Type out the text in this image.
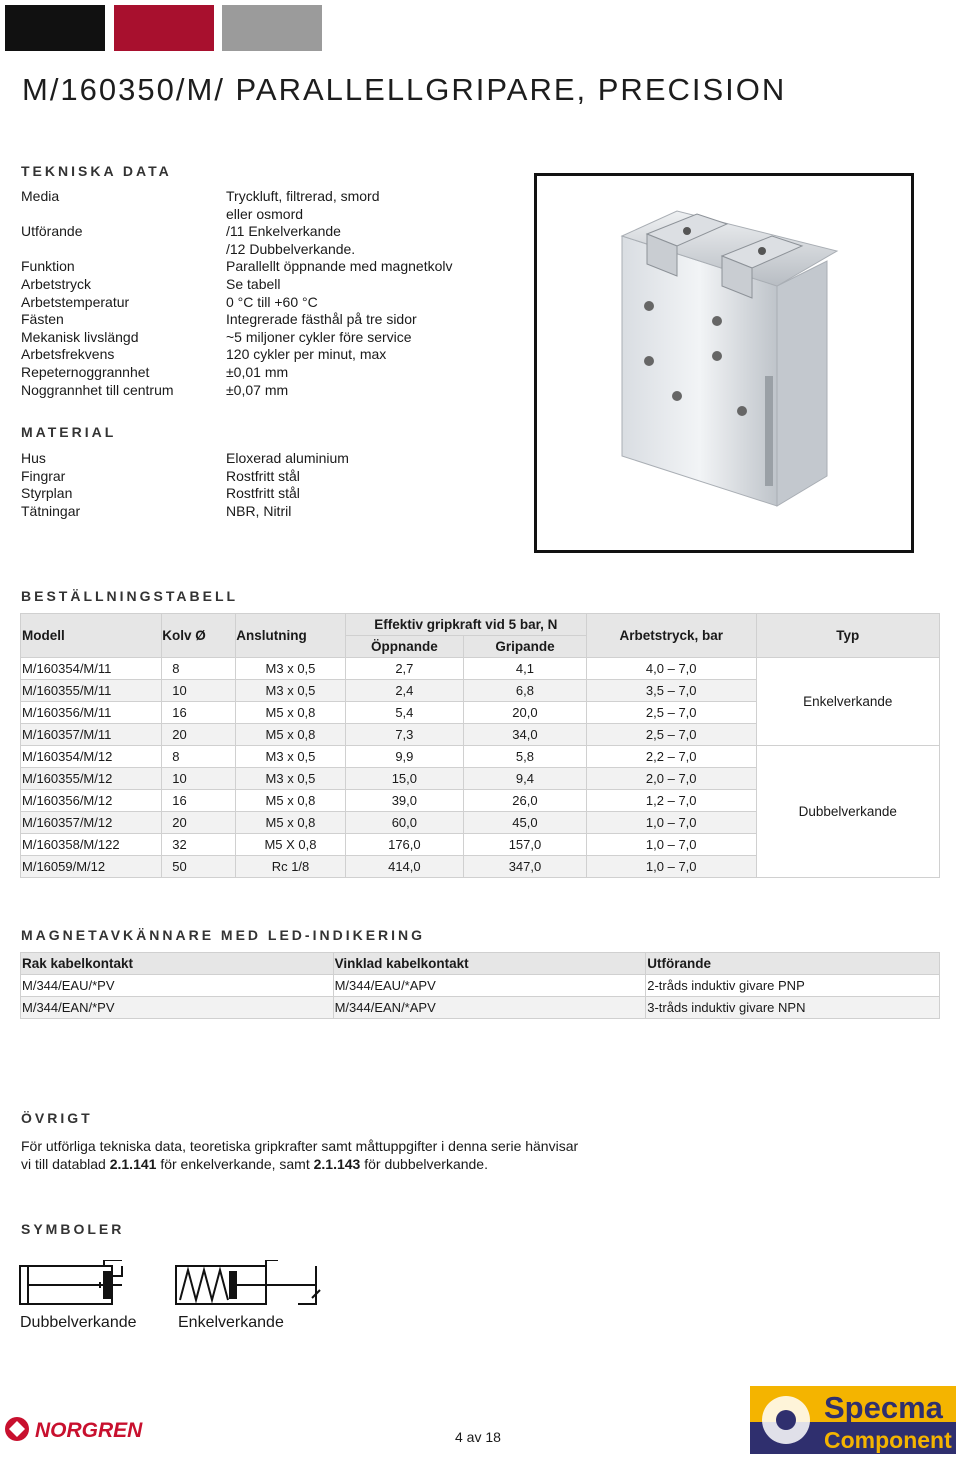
M/160350/M/ PARALLELLGRIPARE, PRECISION
TEKNISKA DATA
Media	Tryckluft, filtrerad, smord
eller osmord
Utförande	/11 Enkelverkande
/12 Dubbelverkande.
Funktion	Parallellt öppnande med magnetkolv
Arbetstryck	Se tabell
Arbetstemperatur	0 °C till +60 °C
Fästen	Integrerade fästhål på tre sidor
Mekanisk livslängd	~5 miljoner cykler före service
Arbetsfrekvens	120 cykler per minut, max
Repeternoggrannhet	±0,01 mm
Noggrannhet till centrum	±0,07 mm
MATERIAL
Hus	Eloxerad aluminium
Fingrar	Rostfritt stål
Styrplan	Rostfritt stål
Tätningar	NBR, Nitril
BESTÄLLNINGSTABELL
Modell	Kolv Ø	Anslutning	Effektiv gripkraft vid 5 bar, N		Arbetstryck, bar	Typ
			Öppnande	Gripande		
M/160354/M/11	8	M3 x 0,5	2,7	4,1	4,0 – 7,0	Enkelverkande
M/160355/M/11	10	M3 x 0,5	2,4	6,8	3,5 – 7,0	
M/160356/M/11	16	M5 x 0,8	5,4	20,0	2,5 – 7,0	
M/160357/M/11	20	M5 x 0,8	7,3	34,0	2,5 – 7,0	
M/160354/M/12	8	M3 x 0,5	9,9	5,8	2,2 – 7,0	Dubbelverkande
M/160355/M/12	10	M3 x 0,5	15,0	9,4	2,0 – 7,0	
M/160356/M/12	16	M5 x 0,8	39,0	26,0	1,2 – 7,0	
M/160357/M/12	20	M5 x 0,8	60,0	45,0	1,0 – 7,0	
M/160358/M/122	32	M5 X 0,8	176,0	157,0	1,0 – 7,0	
M/16059/M/12	50	Rc 1/8	414,0	347,0	1,0 – 7,0	
MAGNETAVKÄNNARE MED LED-INDIKERING
Rak kabelkontakt	Vinklad kabelkontakt	Utförande
M/344/EAU/*PV	M/344/EAU/*APV	2-tråds induktiv givare PNP
M/344/EAN/*PV	M/344/EAN/*APV	3-tråds induktiv givare NPN
ÖVRIGT
För utförliga tekniska data, teoretiska gripkrafter samt måttuppgifter i denna serie hänvisar
vi till datablad 2.1.141 för enkelverkande, samt 2.1.143 för dubbelverkande.
SYMBOLER
Dubbelverkande	Enkelverkande
NORGREN	4 av 18
Specma
Component
